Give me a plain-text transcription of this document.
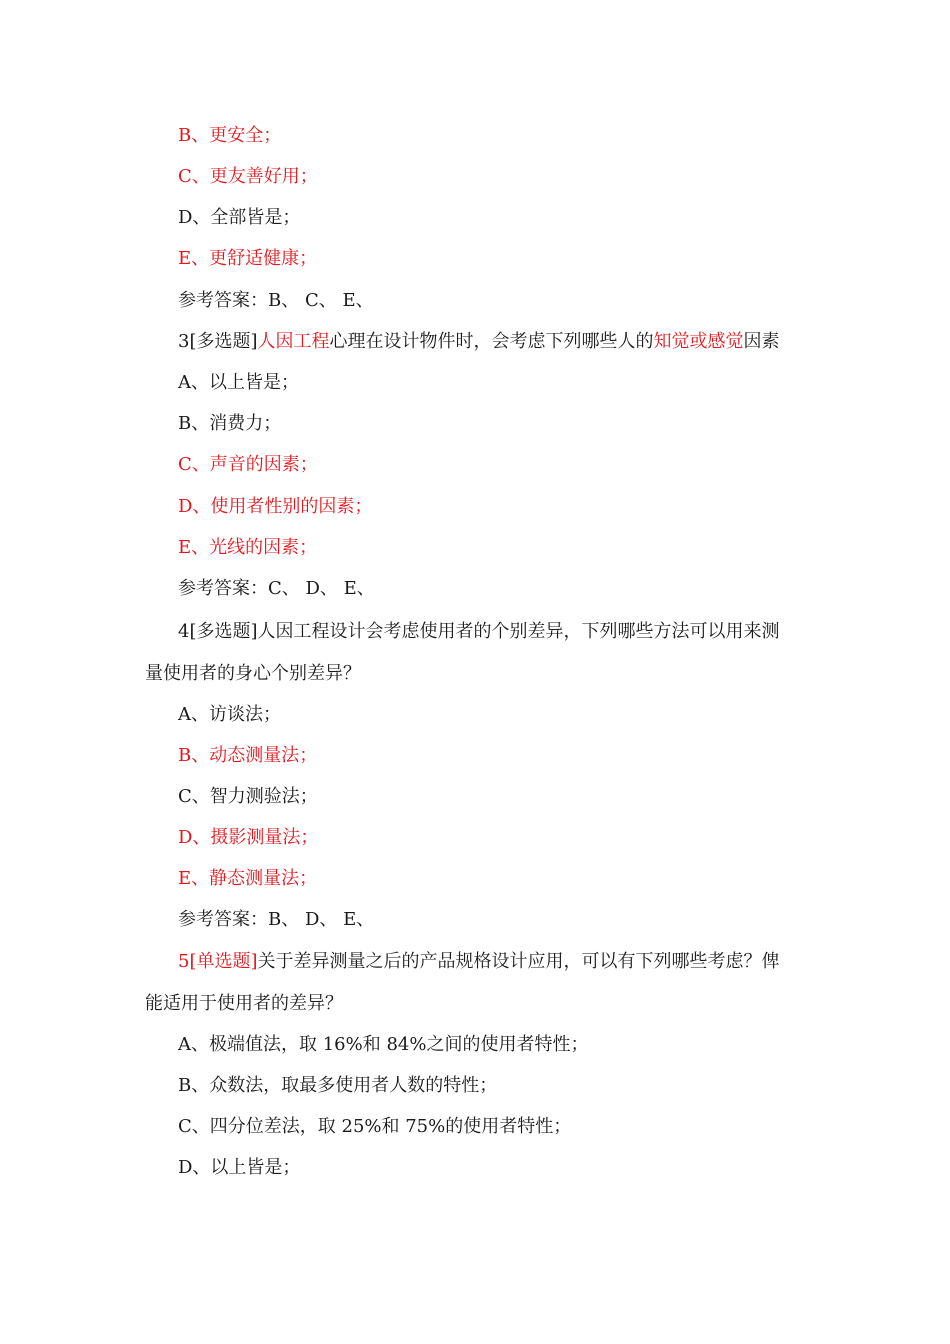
B、更安全；
C、更友善好用；
D、全部皆是；
E、更舒适健康；
参考答案：B、 C、 E、
3[多选题]人因工程心理在设计物件时，会考虑下列哪些人的知觉或感觉因素
A、以上皆是；
B、消费力；
C、声音的因素；
D、使用者性别的因素；
E、光线的因素；
参考答案：C、 D、 E、
4[多选题]人因工程设计会考虑使用者的个别差异，下列哪些方法可以用来测
量使用者的身心个别差异？
A、访谈法；
B、动态测量法；
C、智力测验法；
D、摄影测量法；
E、静态测量法；
参考答案：B、 D、 E、
5[单选题]关于差异测量之后的产品规格设计应用，可以有下列哪些考虑？俾
能适用于使用者的差异？
A、极端值法，取 16%和 84%之间的使用者特性；
B、众数法，取最多使用者人数的特性；
C、四分位差法，取 25%和 75%的使用者特性；
D、以上皆是；
